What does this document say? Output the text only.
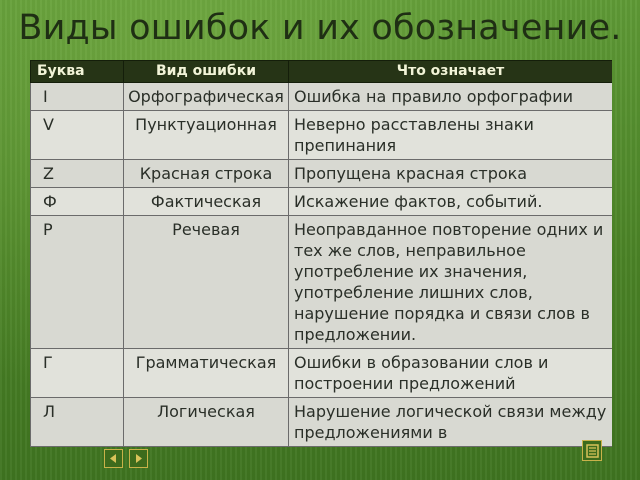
Виды ошибок и их обозначение.
Буква	Вид ошибки	Что означает
I	Орфографическая	Ошибка на правило орфографии
V	Пунктуационная	Неверно расставлены знаки препинания
Z	Красная строка	Пропущена красная строка
Ф	Фактическая	Искажение фактов, событий.
Р	Речевая	Неоправданное повторение одних и тех же слов, неправильное употребление их значения, употребление лишних слов, нарушение порядка и связи слов в предложении.
Г	Грамматическая	Ошибки в образовании слов и построении предложений
Л	Логическая	Нарушение логической связи между предложениями в
